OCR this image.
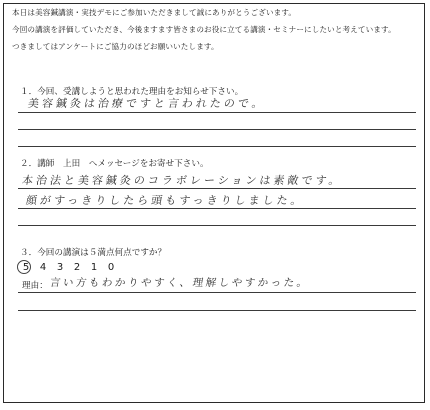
本日は美容鍼講演・実技デモにご参加いただきまして誠にありがとうございます。
今回の講演を評価していただき、今後ますます皆さまのお役に立てる講演・セミナーにしたいと考えています。
つきましてはアンケートにご協力のほどお願いいたします。
１．今回、受講しようと思われた理由をお知らせ下さい。
美容鍼灸は治療ですと言われたので。
２．講師　上田　へメッセージをお寄せ下さい。
本治法と美容鍼灸のコラボレーションは素敵です。
顔がすっきりしたら頭もすっきりしました。
３．今回の講演は５満点何点ですか？
5 4 3 2 1 0
理由： 言い方もわかりやすく、理解しやすかった。
